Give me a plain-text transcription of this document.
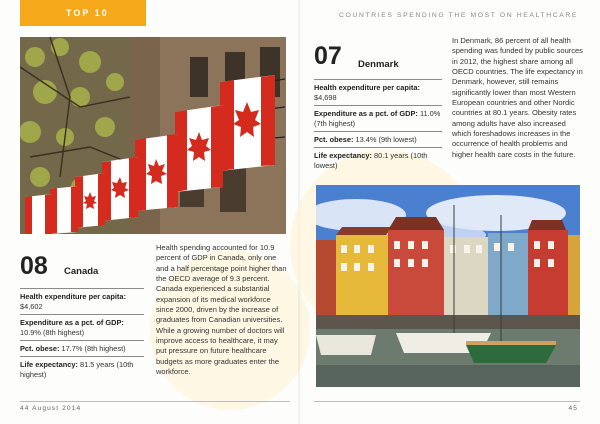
TOP 10
08 Canada
Health expenditure per capita: $4,602
Expenditure as a pct. of GDP: 10.9% (8th highest)
Pct. obese: 17.7% (8th highest)
Life expectancy: 81.5 years (10th highest)
Health spending accounted for 10.9 percent of GDP in Canada, only one and a half percentage point higher than the OECD average of 9.3 percent. Canada experienced a substantial expansion of its medical workforce since 2000, driven by the increase of graduates from Canadian universities. While a growing number of doctors will improve access to healthcare, it may put pressure on future healthcare budgets as more graduates enter the workforce.
44 August 2014
COUNTRIES SPENDING THE MOST ON HEALTHCARE
07 Denmark
Health expenditure per capita: $4,698
Expenditure as a pct. of GDP: 11.0% (7th highest)
Pct. obese: 13.4% (9th lowest)
Life expectancy: 80.1 years (10th lowest)
In Denmark, 86 percent of all health spending was funded by public sources in 2012, the highest share among all OECD countries. The life expectancy in Denmark, however, still remains significantly lower than most Western European countries and other Nordic countries at 80.1 years. Obesity rates among adults have also increased which foreshadows increases in the occurrence of health problems and higher health care costs in the future.
45
